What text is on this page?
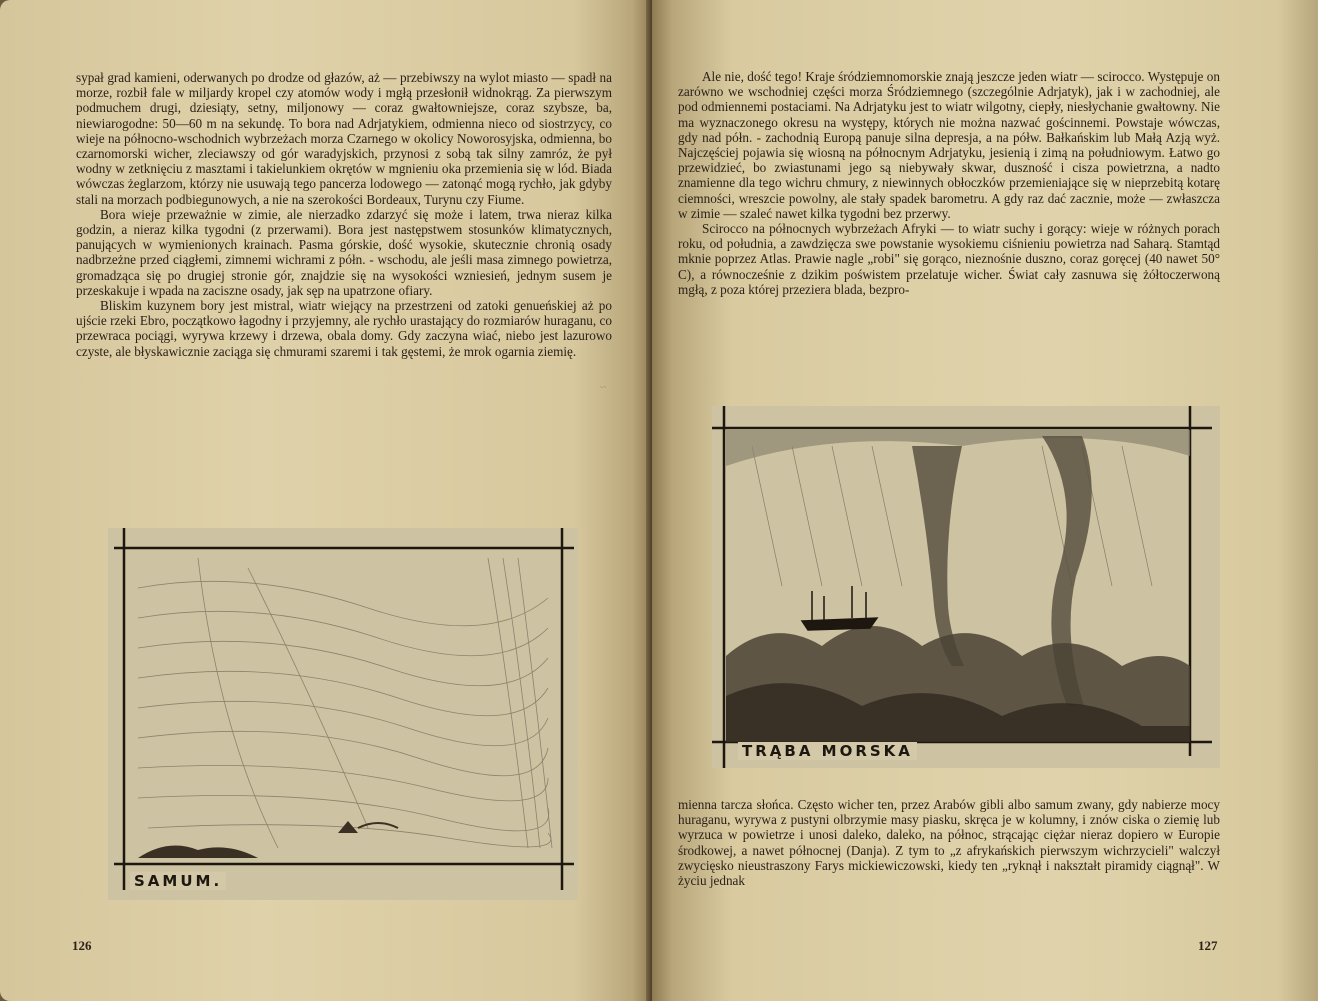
sypał grad kamieni, oderwanych po drodze od głazów, aż — przebiwszy na wylot miasto — spadł na morze, rozbił fale w miljardy kropel czy atomów wody i mgłą przesłonił widnokrąg. Za pierwszym podmuchem drugi, dziesiąty, setny, miljonowy — coraz gwałtowniejsze, coraz szybsze, ba, niewiarogodne: 50—60 m na sekundę. To bora nad Adrjatykiem, odmienna nieco od siostrzycy, co wieje na północno-wschodnich wybrzeżach morza Czarnego w okolicy Noworosyjska, odmienna, bo czarnomorski wicher, zleciawszy od gór waradyjskich, przynosi z sobą tak silny zamróz, że pył wodny w zetknięciu z masztami i takielunkiem okrętów w mgnieniu oka przemienia się w lód. Biada wówczas żeglarzom, którzy nie usuwają tego pancerza lodowego — zatonąć mogą rychło, jak gdyby stali na morzach podbiegunowych, a nie na szerokości Bordeaux, Turynu czy Fiume.

Bora wieje przeważnie w zimie, ale nierzadko zdarzyć się może i latem, trwa nieraz kilka godzin, a nieraz kilka tygodni (z przerwami). Bora jest następstwem stosunków klimatycznych, panujących w wymienionych krainach. Pasma górskie, dość wysokie, skutecznie chronią osady nadbrzeżne przed ciągłemi, zimnemi wichrami z półn. - wschodu, ale jeśli masa zimnego powietrza, gromadząca się po drugiej stronie gór, znajdzie się na wysokości wzniesień, jednym susem je przeskakuje i wpada na zaciszne osady, jak sęp na upatrzone ofiary.

Bliskim kuzynem bory jest mistral, wiatr wiejący na przestrzeni od zatoki genueńskiej aż po ujście rzeki Ebro, początkowo łagodny i przyjemny, ale rychło urastający do rozmiarów huraganu, co przewraca pociągi, wyrywa krzewy i drzewa, obala domy. Gdy zaczyna wiać, niebo jest lazurowo czyste, ale błyskawicznie zaciąga się chmurami szaremi i tak gęstemi, że mrok ogarnia ziemię.

SAMUM.
~
126

Ale nie, dość tego! Kraje śródziemnomorskie znają jeszcze jeden wiatr — scirocco. Występuje on zarówno we wschodniej części morza Śródziemnego (szczególnie Adrjatyk), jak i w zachodniej, ale pod odmiennemi postaciami. Na Adrjatyku jest to wiatr wilgotny, ciepły, niesłychanie gwałtowny. Nie ma wyznaczonego okresu na występy, których nie można nazwać gościnnemi. Powstaje wówczas, gdy nad półn. - zachodnią Europą panuje silna depresja, a na półw. Bałkańskim lub Małą Azją wyż. Najczęściej pojawia się wiosną na północnym Adrjatyku, jesienią i zimą na południowym. Łatwo go przewidzieć, bo zwiastunami jego są niebywały skwar, duszność i cisza powietrzna, a nadto znamienne dla tego wichru chmury, z niewinnych obłoczków przemieniające się w nieprzebitą kotarę ciemności, wreszcie powolny, ale stały spadek barometru. A gdy raz dać zacznie, może — zwłaszcza w zimie — szaleć nawet kilka tygodni bez przerwy.

Scirocco na północnych wybrzeżach Afryki — to wiatr suchy i gorący: wieje w różnych porach roku, od południa, a zawdzięcza swe powstanie wysokiemu ciśnieniu powietrza nad Saharą. Stamtąd mknie poprzez Atlas. Prawie nagle „robi" się gorąco, nieznośnie duszno, coraz goręcej (40 nawet 50° C), a równocześnie z dzikim poświstem przelatuje wicher. Świat cały zasnuwa się żółtoczerwoną mgłą, z poza której przeziera blada, bezpro-

TRĄBA MORSKA

mienna tarcza słońca. Często wicher ten, przez Arabów gibli albo samum zwany, gdy nabierze mocy huraganu, wyrywa z pustyni olbrzymie masy piasku, skręca je w kolumny, i znów ciska o ziemię lub wyrzuca w powietrze i unosi daleko, daleko, na północ, strącając ciężar nieraz dopiero w Europie środkowej, a nawet północnej (Danja). Z tym to „z afrykańskich pierwszym wichrzycieli" walczył zwycięsko nieustraszony Farys mickiewiczowski, kiedy ten „ryknął i nakształt piramidy ciągnął". W życiu jednak

127
